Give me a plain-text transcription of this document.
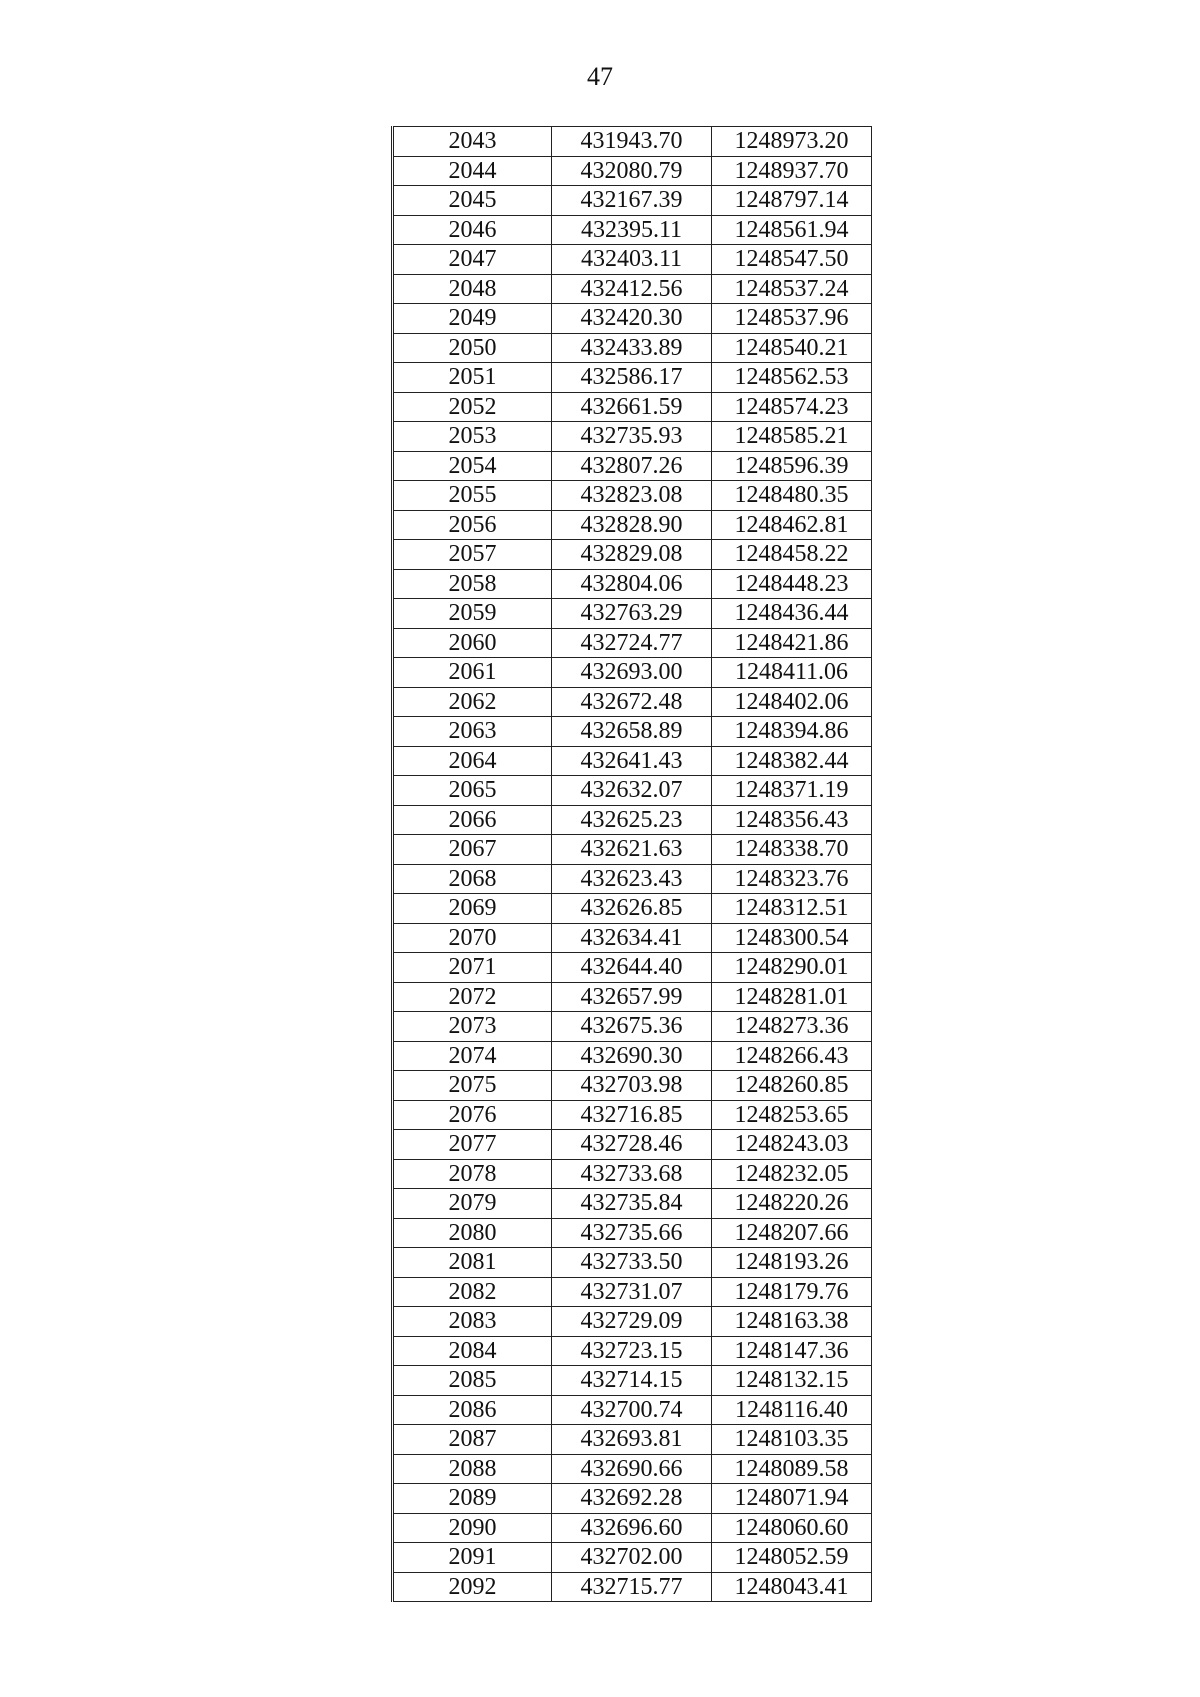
47
2043	431943.70	1248973.20
2044	432080.79	1248937.70
2045	432167.39	1248797.14
2046	432395.11	1248561.94
2047	432403.11	1248547.50
2048	432412.56	1248537.24
2049	432420.30	1248537.96
2050	432433.89	1248540.21
2051	432586.17	1248562.53
2052	432661.59	1248574.23
2053	432735.93	1248585.21
2054	432807.26	1248596.39
2055	432823.08	1248480.35
2056	432828.90	1248462.81
2057	432829.08	1248458.22
2058	432804.06	1248448.23
2059	432763.29	1248436.44
2060	432724.77	1248421.86
2061	432693.00	1248411.06
2062	432672.48	1248402.06
2063	432658.89	1248394.86
2064	432641.43	1248382.44
2065	432632.07	1248371.19
2066	432625.23	1248356.43
2067	432621.63	1248338.70
2068	432623.43	1248323.76
2069	432626.85	1248312.51
2070	432634.41	1248300.54
2071	432644.40	1248290.01
2072	432657.99	1248281.01
2073	432675.36	1248273.36
2074	432690.30	1248266.43
2075	432703.98	1248260.85
2076	432716.85	1248253.65
2077	432728.46	1248243.03
2078	432733.68	1248232.05
2079	432735.84	1248220.26
2080	432735.66	1248207.66
2081	432733.50	1248193.26
2082	432731.07	1248179.76
2083	432729.09	1248163.38
2084	432723.15	1248147.36
2085	432714.15	1248132.15
2086	432700.74	1248116.40
2087	432693.81	1248103.35
2088	432690.66	1248089.58
2089	432692.28	1248071.94
2090	432696.60	1248060.60
2091	432702.00	1248052.59
2092	432715.77	1248043.41
